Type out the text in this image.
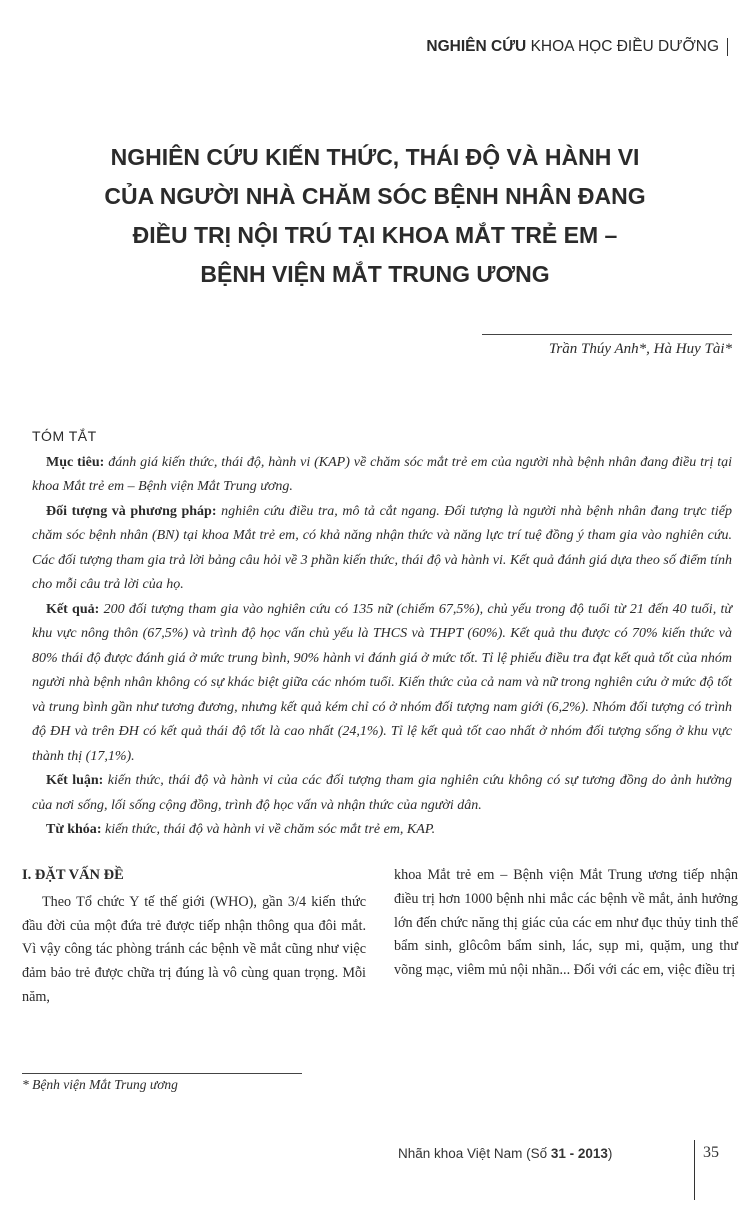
NGHIÊN CỨU KHOA HỌC ĐIỀU DƯỠNG
NGHIÊN CỨU KIẾN THỨC, THÁI ĐỘ VÀ HÀNH VI
CỦA NGƯỜI NHÀ CHĂM SÓC BỆNH NHÂN ĐANG
ĐIỀU TRỊ NỘI TRÚ TẠI KHOA MẮT TRẺ EM –
BỆNH VIỆN MẮT TRUNG ƯƠNG
Trần Thúy Anh*, Hà Huy Tài*
TÓM TẮT

Mục tiêu: đánh giá kiến thức, thái độ, hành vi (KAP) về chăm sóc mắt trẻ em của người nhà bệnh nhân đang điều trị tại khoa Mắt trẻ em – Bệnh viện Mắt Trung ương.

Đối tượng và phương pháp: nghiên cứu điều tra, mô tả cắt ngang. Đối tượng là người nhà bệnh nhân đang trực tiếp chăm sóc bệnh nhân (BN) tại khoa Mắt trẻ em, có khả năng nhận thức và năng lực trí tuệ đồng ý tham gia vào nghiên cứu. Các đối tượng tham gia trả lời bảng câu hỏi về 3 phần kiến thức, thái độ và hành vi. Kết quả đánh giá dựa theo số điểm tính cho mỗi câu trả lời của họ.

Kết quả: 200 đối tượng tham gia vào nghiên cứu có 135 nữ (chiếm 67,5%), chủ yếu trong độ tuổi từ 21 đến 40 tuổi, từ khu vực nông thôn (67,5%) và trình độ học vấn chủ yếu là THCS và THPT (60%). Kết quả thu được có 70% kiến thức và 80% thái độ được đánh giá ở mức trung bình, 90% hành vi đánh giá ở mức tốt. Tỉ lệ phiếu điều tra đạt kết quả tốt của nhóm người nhà bệnh nhân không có sự khác biệt giữa các nhóm tuổi. Kiến thức của cả nam và nữ trong nghiên cứu ở mức độ tốt và trung bình gần như tương đương, nhưng kết quả kém chỉ có ở nhóm đối tượng nam giới (6,2%). Nhóm đối tượng có trình độ ĐH và trên ĐH có kết quả thái độ tốt là cao nhất (24,1%). Tỉ lệ kết quả tốt cao nhất ở nhóm đối tượng sống ở khu vực thành thị (17,1%).

Kết luận: kiến thức, thái độ và hành vi của các đối tượng tham gia nghiên cứu không có sự tương đồng do ảnh hưởng của nơi sống, lối sống cộng đồng, trình độ học vấn và nhận thức của người dân.

Từ khóa: kiến thức, thái độ và hành vi về chăm sóc mắt trẻ em, KAP.

I. ĐẶT VẤN ĐỀ

Theo Tổ chức Y tế thế giới (WHO), gần 3/4 kiến thức đầu đời của một đứa trẻ được tiếp nhận thông qua đôi mắt. Vì vậy công tác phòng tránh các bệnh về mắt cũng như việc đảm bảo trẻ được chữa trị đúng là vô cùng quan trọng. Mỗi năm,

khoa Mắt trẻ em – Bệnh viện Mắt Trung ương tiếp nhận điều trị hơn 1000 bệnh nhi mắc các bệnh về mắt, ảnh hưởng lớn đến chức năng thị giác của các em như đục thủy tinh thể bẩm sinh, glôcôm bẩm sinh, lác, sụp mi, quặm, ung thư võng mạc, viêm mủ nội nhãn... Đối với các em, việc điều trị

* Bệnh viện Mắt Trung ương
Nhãn khoa Việt Nam (Số 31 - 2013)	35
